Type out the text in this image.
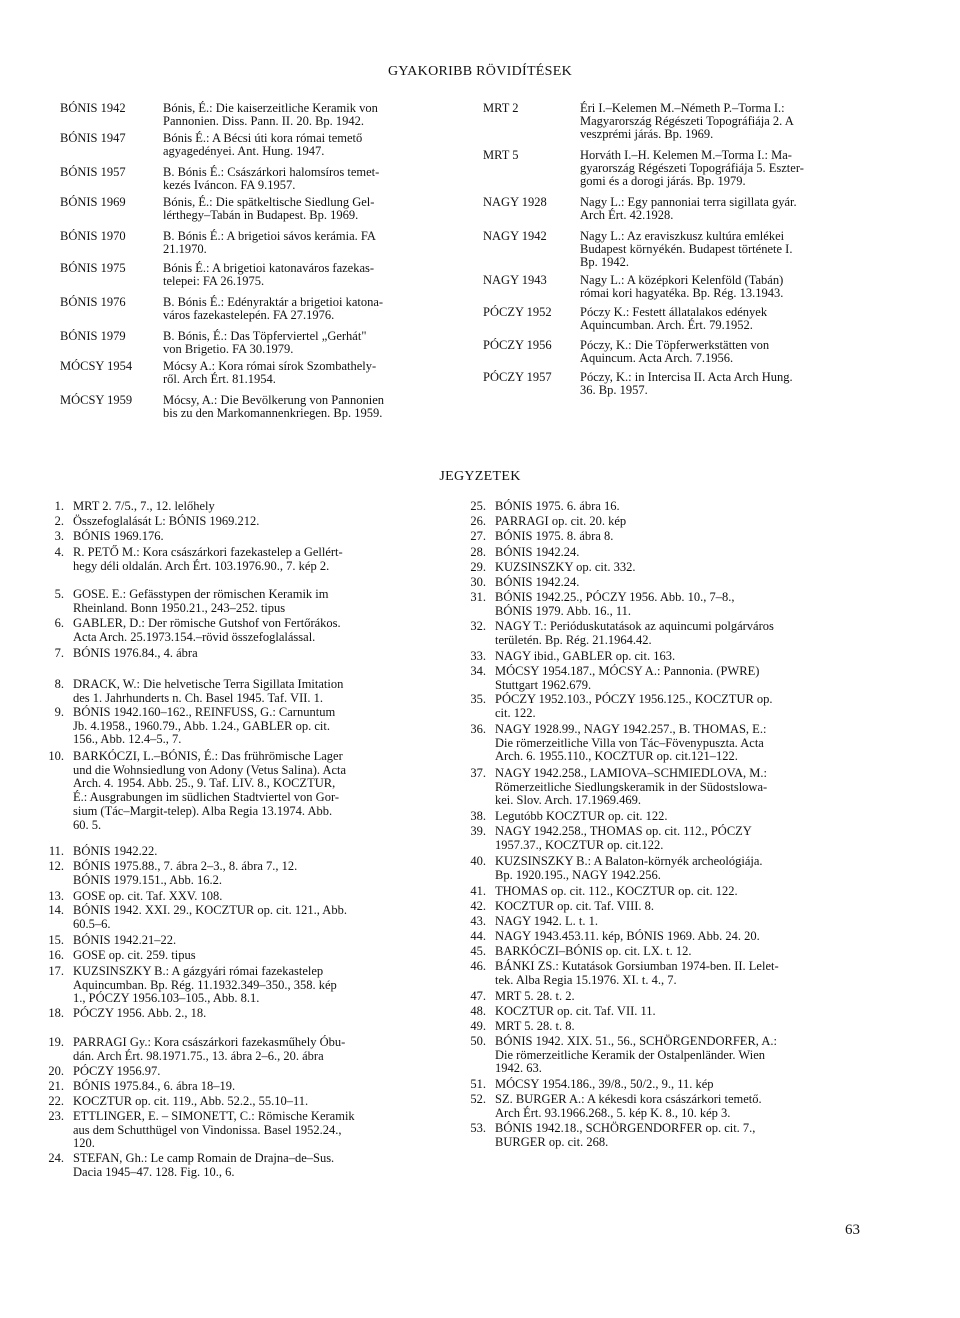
GYAKORIBB RÖVIDÍTÉSEK
BÓNIS 1942	Bónis, É.: Die kaiserzeitliche Keramik von
Pannonien. Diss. Pann. II. 20. Bp. 1942.
BÓNIS 1947	Bónis É.: A Bécsi úti kora római temető
agyagedényei. Ant. Hung. 1947.
BÓNIS 1957	B. Bónis É.: Császárkori halomsíros temet-
kezés Iváncon. FA 9.1957.
BÓNIS 1969	Bónis, É.: Die spätkeltische Siedlung Gel-
lérthegy–Tabán in Budapest. Bp. 1969.
BÓNIS 1970	B. Bónis É.: A brigetioi sávos kerámia. FA
21.1970.
BÓNIS 1975	Bónis É.: A brigetioi katonaváros fazekas-
telepei: FA 26.1975.
BÓNIS 1976	B. Bónis É.: Edényraktár a brigetioi katona-
város fazekastelepén. FA 27.1976.
BÓNIS 1979	B. Bónis, É.: Das Töpferviertel „Gerhát"
von Brigetio. FA 30.1979.
MÓCSY 1954 Mócsy A.: Kora római sírok Szombathely-
ről. Arch Ért. 81.1954.
MÓCSY 1959 Mócsy, A.: Die Bevölkerung von Pannonien
bis zu den Markomannenkriegen. Bp. 1959.
MRT 2	Éri I.–Kelemen M.–Németh P.–Torma I.:
Magyarország Régészeti Topográfiája 2. A
veszprémi járás. Bp. 1969.
MRT 5	Horváth I.–H. Kelemen M.–Torma I.: Ma-
gyarország Régészeti Topográfiája 5. Eszter-
gomi és a dorogi járás. Bp. 1979.
NAGY 1928	Nagy L.: Egy pannoniai terra sigillata gyár.
Arch Ért. 42.1928.
NAGY 1942	Nagy L.: Az eraviszkusz kultúra emlékei
Budapest környékén. Budapest története I.
Bp. 1942.
NAGY 1943	Nagy L.: A középkori Kelenföld (Tabán)
római kori hagyatéka. Bp. Rég. 13.1943.
PÓCZY 1952 Póczy K.: Festett állatalakos edények
Aquincumban. Arch. Ért. 79.1952.
PÓCZY 1956 Póczy, K.: Die Töpferwerkstätten von
Aquincum. Acta Arch. 7.1956.
PÓCZY 1957 Póczy, K.: in Intercisa II. Acta Arch Hung.
36. Bp. 1957.
JEGYZETEK
1. MRT 2. 7/5., 7., 12. lelőhely
2. Összefoglalását L: BÓNIS 1969.212.
3. BÓNIS 1969.176.
4. R. PETŐ M.: Kora császárkori fazekastelep a Gellért-
hegy déli oldalán. Arch Ért. 103.1976.90., 7. kép 2.
5. GOSE. E.: Gefässtypen der römischen Keramik im
Rheinland. Bonn 1950.21., 243–252. tipus
6. GABLER, D.: Der römische Gutshof von Fertőrákos.
Acta Arch. 25.1973.154.–rövid összefoglalással.
7. BÓNIS 1976.84., 4. ábra
8. DRACK, W.: Die helvetische Terra Sigillata Imitation
des 1. Jahrhunderts n. Ch. Basel 1945. Taf. VII. 1.
9. BÓNIS 1942.160–162., REINFUSS, G.: Carnuntum
Jb. 4.1958., 1960.79., Abb. 1.24., GABLER op. cit.
156., Abb. 12.4–5., 7.
10. BARKÓCZI, L.–BÓNIS, É.: Das frührömische Lager
und die Wohnsiedlung von Adony (Vetus Salina). Acta
Arch. 4. 1954. Abb. 25., 9. Taf. LIV. 8., KOCZTUR,
É.: Ausgrabungen im südlichen Stadtviertel von Gor-
sium (Tác–Margit-telep). Alba Regia 13.1974. Abb.
60. 5.
11. BÓNIS 1942.22.
12. BÓNIS 1975.88., 7. ábra 2–3., 8. ábra 7., 12.
BÓNIS 1979.151., Abb. 16.2.
13. GOSE op. cit. Taf. XXV. 108.
14. BÓNIS 1942. XXI. 29., KOCZTUR op. cit. 121., Abb.
60.5–6.
15. BÓNIS 1942.21–22.
16. GOSE op. cit. 259. tipus
17. KUZSINSZKY B.: A gázgyári római fazekastelep
Aquincumban. Bp. Rég. 11.1932.349–350., 358. kép
1., PÓCZY 1956.103–105., Abb. 8.1.
18. PÓCZY 1956. Abb. 2., 18.
19. PARRAGI Gy.: Kora császárkori fazekasműhely Óbu-
dán. Arch Ért. 98.1971.75., 13. ábra 2–6., 20. ábra
20. PÓCZY 1956.97.
21. BÓNIS 1975.84., 6. ábra 18–19.
22. KOCZTUR op. cit. 119., Abb. 52.2., 55.10–11.
23. ETTLINGER, E. – SIMONETT, C.: Römische Keramik
aus dem Schutthügel von Vindonissa. Basel 1952.24.,
120.
24. STEFAN, Gh.: Le camp Romain de Drajna–de–Sus.
Dacia 1945–47. 128. Fig. 10., 6.
25. BÓNIS 1975. 6. ábra 16.
26. PARRAGI op. cit. 20. kép
27. BÓNIS 1975. 8. ábra 8.
28. BÓNIS 1942.24.
29. KUZSINSZKY op. cit. 332.
30. BÓNIS 1942.24.
31. BÓNIS 1942.25., PÓCZY 1956. Abb. 10., 7–8.,
BÓNIS 1979. Abb. 16., 11.
32. NAGY T.: Perióduskutatások az aquincumi polgárváros
területén. Bp. Rég. 21.1964.42.
33. NAGY ibid., GABLER op. cit. 163.
34. MÓCSY 1954.187., MÓCSY A.: Pannonia. (PWRE)
Stuttgart 1962.679.
35. PÓCZY 1952.103., PÓCZY 1956.125., KOCZTUR op.
cit. 122.
36. NAGY 1928.99., NAGY 1942.257., B. THOMAS, E.:
Die römerzeitliche Villa von Tác–Fövenypuszta. Acta
Arch. 6. 1955.110., KOCZTUR op. cit.121–122.
37. NAGY 1942.258., LAMIOVA–SCHMIEDLOVA, M.:
Römerzeitliche Siedlungskeramik in der Südostslowa-
kei. Slov. Arch. 17.1969.469.
38. Legutóbb KOCZTUR op. cit. 122.
39. NAGY 1942.258., THOMAS op. cit. 112., PÓCZY
1957.37., KOCZTUR op. cit.122.
40. KUZSINSZKY B.: A Balaton-környék archeológiája.
Bp. 1920.195., NAGY 1942.256.
41. THOMAS op. cit. 112., KOCZTUR op. cit. 122.
42. KOCZTUR op. cit. Taf. VIII. 8.
43. NAGY 1942. L. t. 1.
44. NAGY 1943.453.11. kép, BÓNIS 1969. Abb. 24. 20.
45. BARKÓCZI–BÓNIS op. cit. LX. t. 12.
46. BÁNKI ZS.: Kutatások Gorsiumban 1974-ben. II. Lelet-
tek. Alba Regia 15.1976. XI. t. 4., 7.
47. MRT 5. 28. t. 2.
48. KOCZTUR op. cit. Taf. VII. 11.
49. MRT 5. 28. t. 8.
50. BÓNIS 1942. XIX. 51., 56., SCHÖRGENDORFER, A.:
Die römerzeitliche Keramik der Ostalpenländer. Wien
1942. 63.
51. MÓCSY 1954.186., 39/8., 50/2., 9., 11. kép
52. SZ. BURGER A.: A kékesdi kora császárkori temető.
Arch Ért. 93.1966.268., 5. kép K. 8., 10. kép 3.
53. BÓNIS 1942.18., SCHÖRGENDORFER op. cit. 7.,
BURGER op. cit. 268.
63
